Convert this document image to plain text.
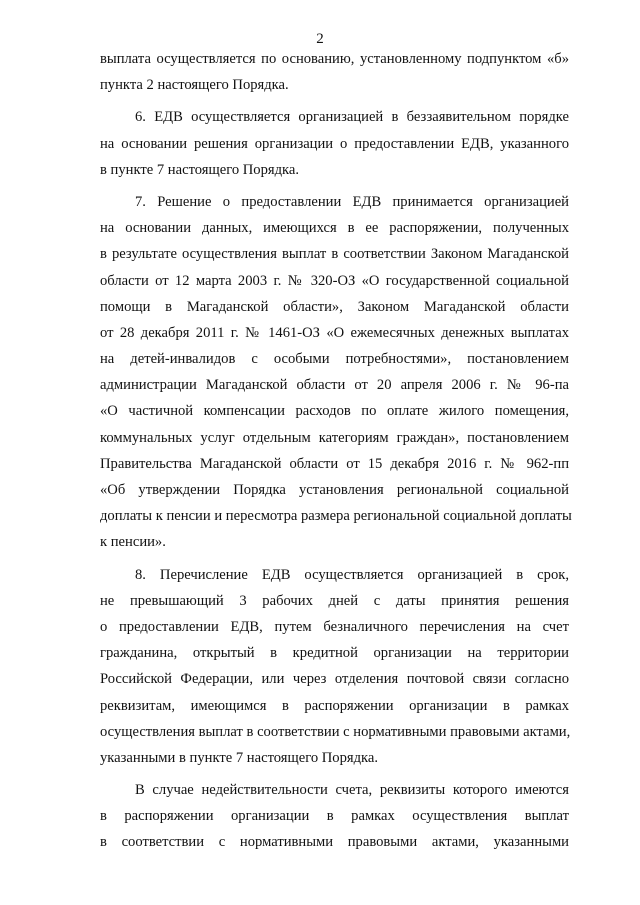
2
выплата осуществляется по основанию, установленному подпунктом «б»
пункта 2 настоящего Порядка.
6. ЕДВ осуществляется организацией в беззаявительном порядке
на основании решения организации о предоставлении ЕДВ, указанного
в пункте 7 настоящего Порядка.
7. Решение о предоставлении ЕДВ принимается организацией
на основании данных, имеющихся в ее распоряжении, полученных
в результате осуществления выплат в соответствии Законом Магаданской
области от 12 марта 2003 г. № 320-ОЗ «О государственной социальной
помощи в Магаданской области», Законом Магаданской области
от 28 декабря 2011 г. № 1461-ОЗ «О ежемесячных денежных выплатах
на детей-инвалидов с особыми потребностями», постановлением
администрации Магаданской области от 20 апреля 2006 г. № 96-па
«О частичной компенсации расходов по оплате жилого помещения,
коммунальных услуг отдельным категориям граждан», постановлением
Правительства Магаданской области от 15 декабря 2016 г. № 962-пп
«Об утверждении Порядка установления региональной социальной
доплаты к пенсии и пересмотра размера региональной социальной доплаты
к пенсии».
8. Перечисление ЕДВ осуществляется организацией в срок,
не превышающий 3 рабочих дней с даты принятия решения
о предоставлении ЕДВ, путем безналичного перечисления на счет
гражданина, открытый в кредитной организации на территории
Российской Федерации, или через отделения почтовой связи согласно
реквизитам, имеющимся в распоряжении организации в рамках
осуществления выплат в соответствии с нормативными правовыми актами,
указанными в пункте 7 настоящего Порядка.
В случае недействительности счета, реквизиты которого имеются
в распоряжении организации в рамках осуществления выплат
в соответствии с нормативными правовыми актами, указанными
